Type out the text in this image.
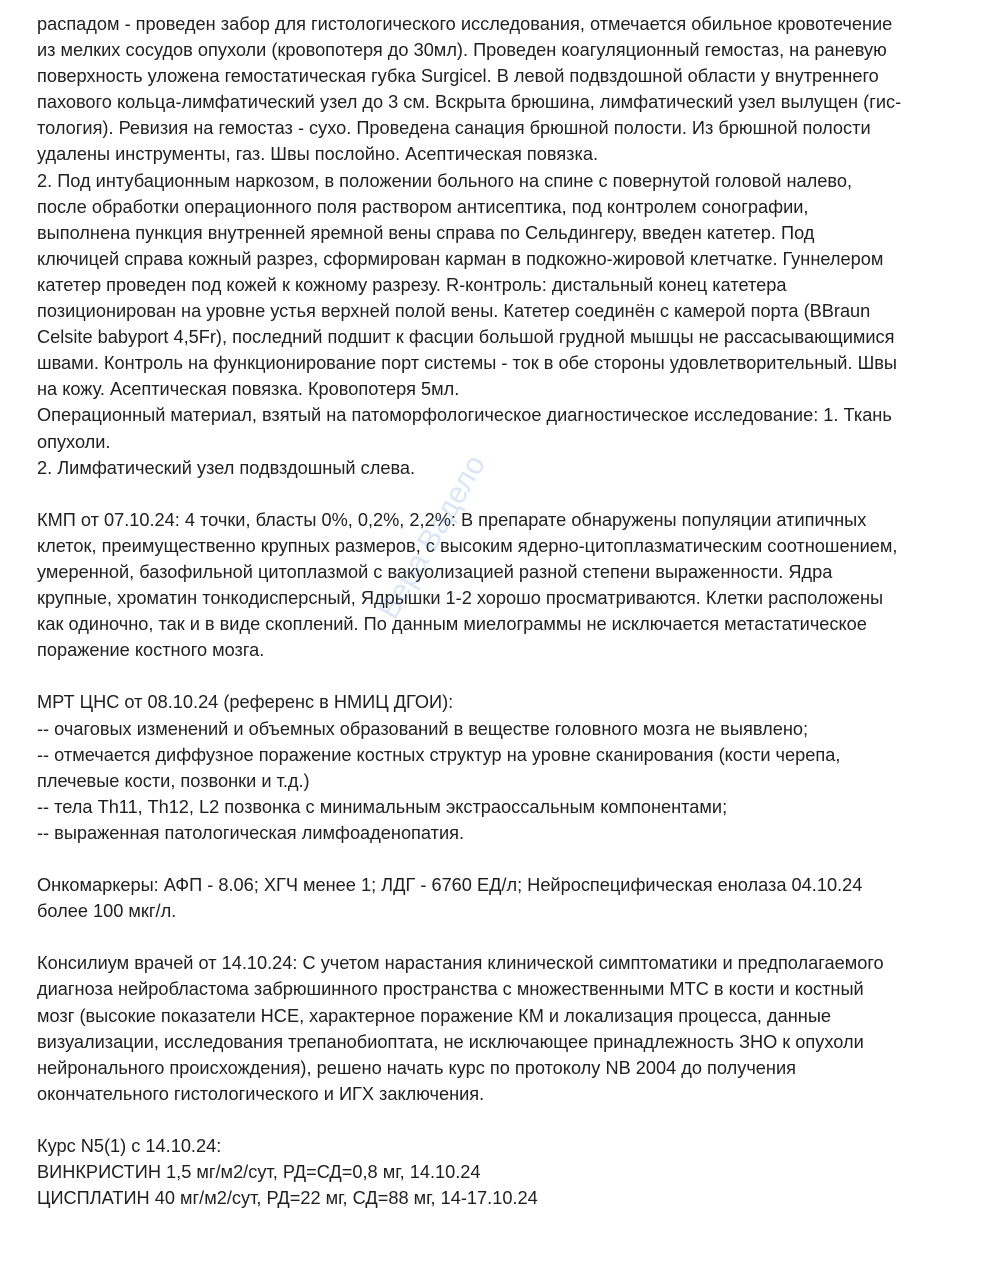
распадом - проведен забор для гистологического исследования, отмечается обильное кровотечение
из мелких сосудов опухоли (кровопотеря до 30мл). Проведен коагуляционный гемостаз, на раневую
поверхность уложена гемостатическая губка Surgicel. В левой подвздошной области у внутреннего
пахового кольца-лимфатический узел до 3 см. Вскрыта брюшина, лимфатический узел вылущен (гис-
тология). Ревизия на гемостаз - сухо. Проведена санация брюшной полости. Из брюшной полости
удалены инструменты, газ. Швы послойно. Асептическая повязка.
2. Под интубационным наркозом, в положении больного на спине с повернутой головой налево,
после обработки операционного поля раствором антисептика, под контролем сонографии,
выполнена пункция внутренней яремной вены справа по Сельдингеру, введен катетер. Под
ключицей справа кожный разрез, сформирован карман в подкожно-жировой клетчатке. Гуннелером
катетер проведен под кожей к кожному разрезу. R-контроль: дистальный конец катетера
позиционирован на уровне устья верхней полой вены. Катетер соединён с камерой порта (BBraun
Celsite babyport 4,5Fr), последний подшит к фасции большой грудной мышцы не рассасывающимися
швами. Контроль на функционирование порт системы - ток в обе стороны удовлетворительный. Швы
на кожу. Асептическая повязка. Кровопотеря 5мл.
Операционный материал, взятый на патоморфологическое диагностическое исследование: 1. Ткань
опухоли.
2. Лимфатический узел подвздошный слева.
КМП от 07.10.24: 4 точки, бласты 0%, 0,2%, 2,2%: В препарате обнаружены популяции атипичных
клеток, преимущественно крупных размеров, с высоким ядерно-цитоплазматическим соотношением,
умеренной, базофильной цитоплазмой с вакуолизацией разной степени выраженности. Ядра
крупные, хроматин тонкодисперсный, Ядрышки 1-2 хорошо просматриваются. Клетки расположены
как одиночно, так и в виде скоплений. По данным миелограммы не исключается метастатическое
поражение костного мозга.
МРТ ЦНС от 08.10.24 (референс в НМИЦ ДГОИ):
-- очаговых изменений и объемных образований в веществе головного мозга не выявлено;
-- отмечается диффузное поражение костных структур на уровне сканирования (кости черепа,
плечевые кости, позвонки и т.д.)
-- тела Th11, Th12, L2 позвонка с минимальным экстраоссальным компонентами;
-- выраженная патологическая лимфоаденопатия.
Онкомаркеры: АФП - 8.06; ХГЧ менее 1; ЛДГ - 6760 ЕД/л; Нейроспецифическая енолаза 04.10.24
более 100 мкг/л.
Консилиум врачей от 14.10.24: С учетом нарастания клинической симптоматики и предполагаемого
диагноза нейробластома забрюшинного пространства с множественными МТС в кости и костный
мозг (высокие показатели НСЕ, характерное поражение КМ и локализация процесса, данные
визуализации, исследования трепанобиоптата, не исключающее принадлежность ЗНО к опухоли
нейронального происхождения), решено начать курс по протоколу NB 2004 до получения
окончательного гистологического и ИГХ заключения.
Курс N5(1) с 14.10.24:
ВИНКРИСТИН 1,5 мг/м2/сут, РД=СД=0,8 мг, 14.10.24
ЦИСПЛАТИН 40 мг/м2/сут, РД=22 мг, СД=88 мг, 14-17.10.24
Вера Вадело
